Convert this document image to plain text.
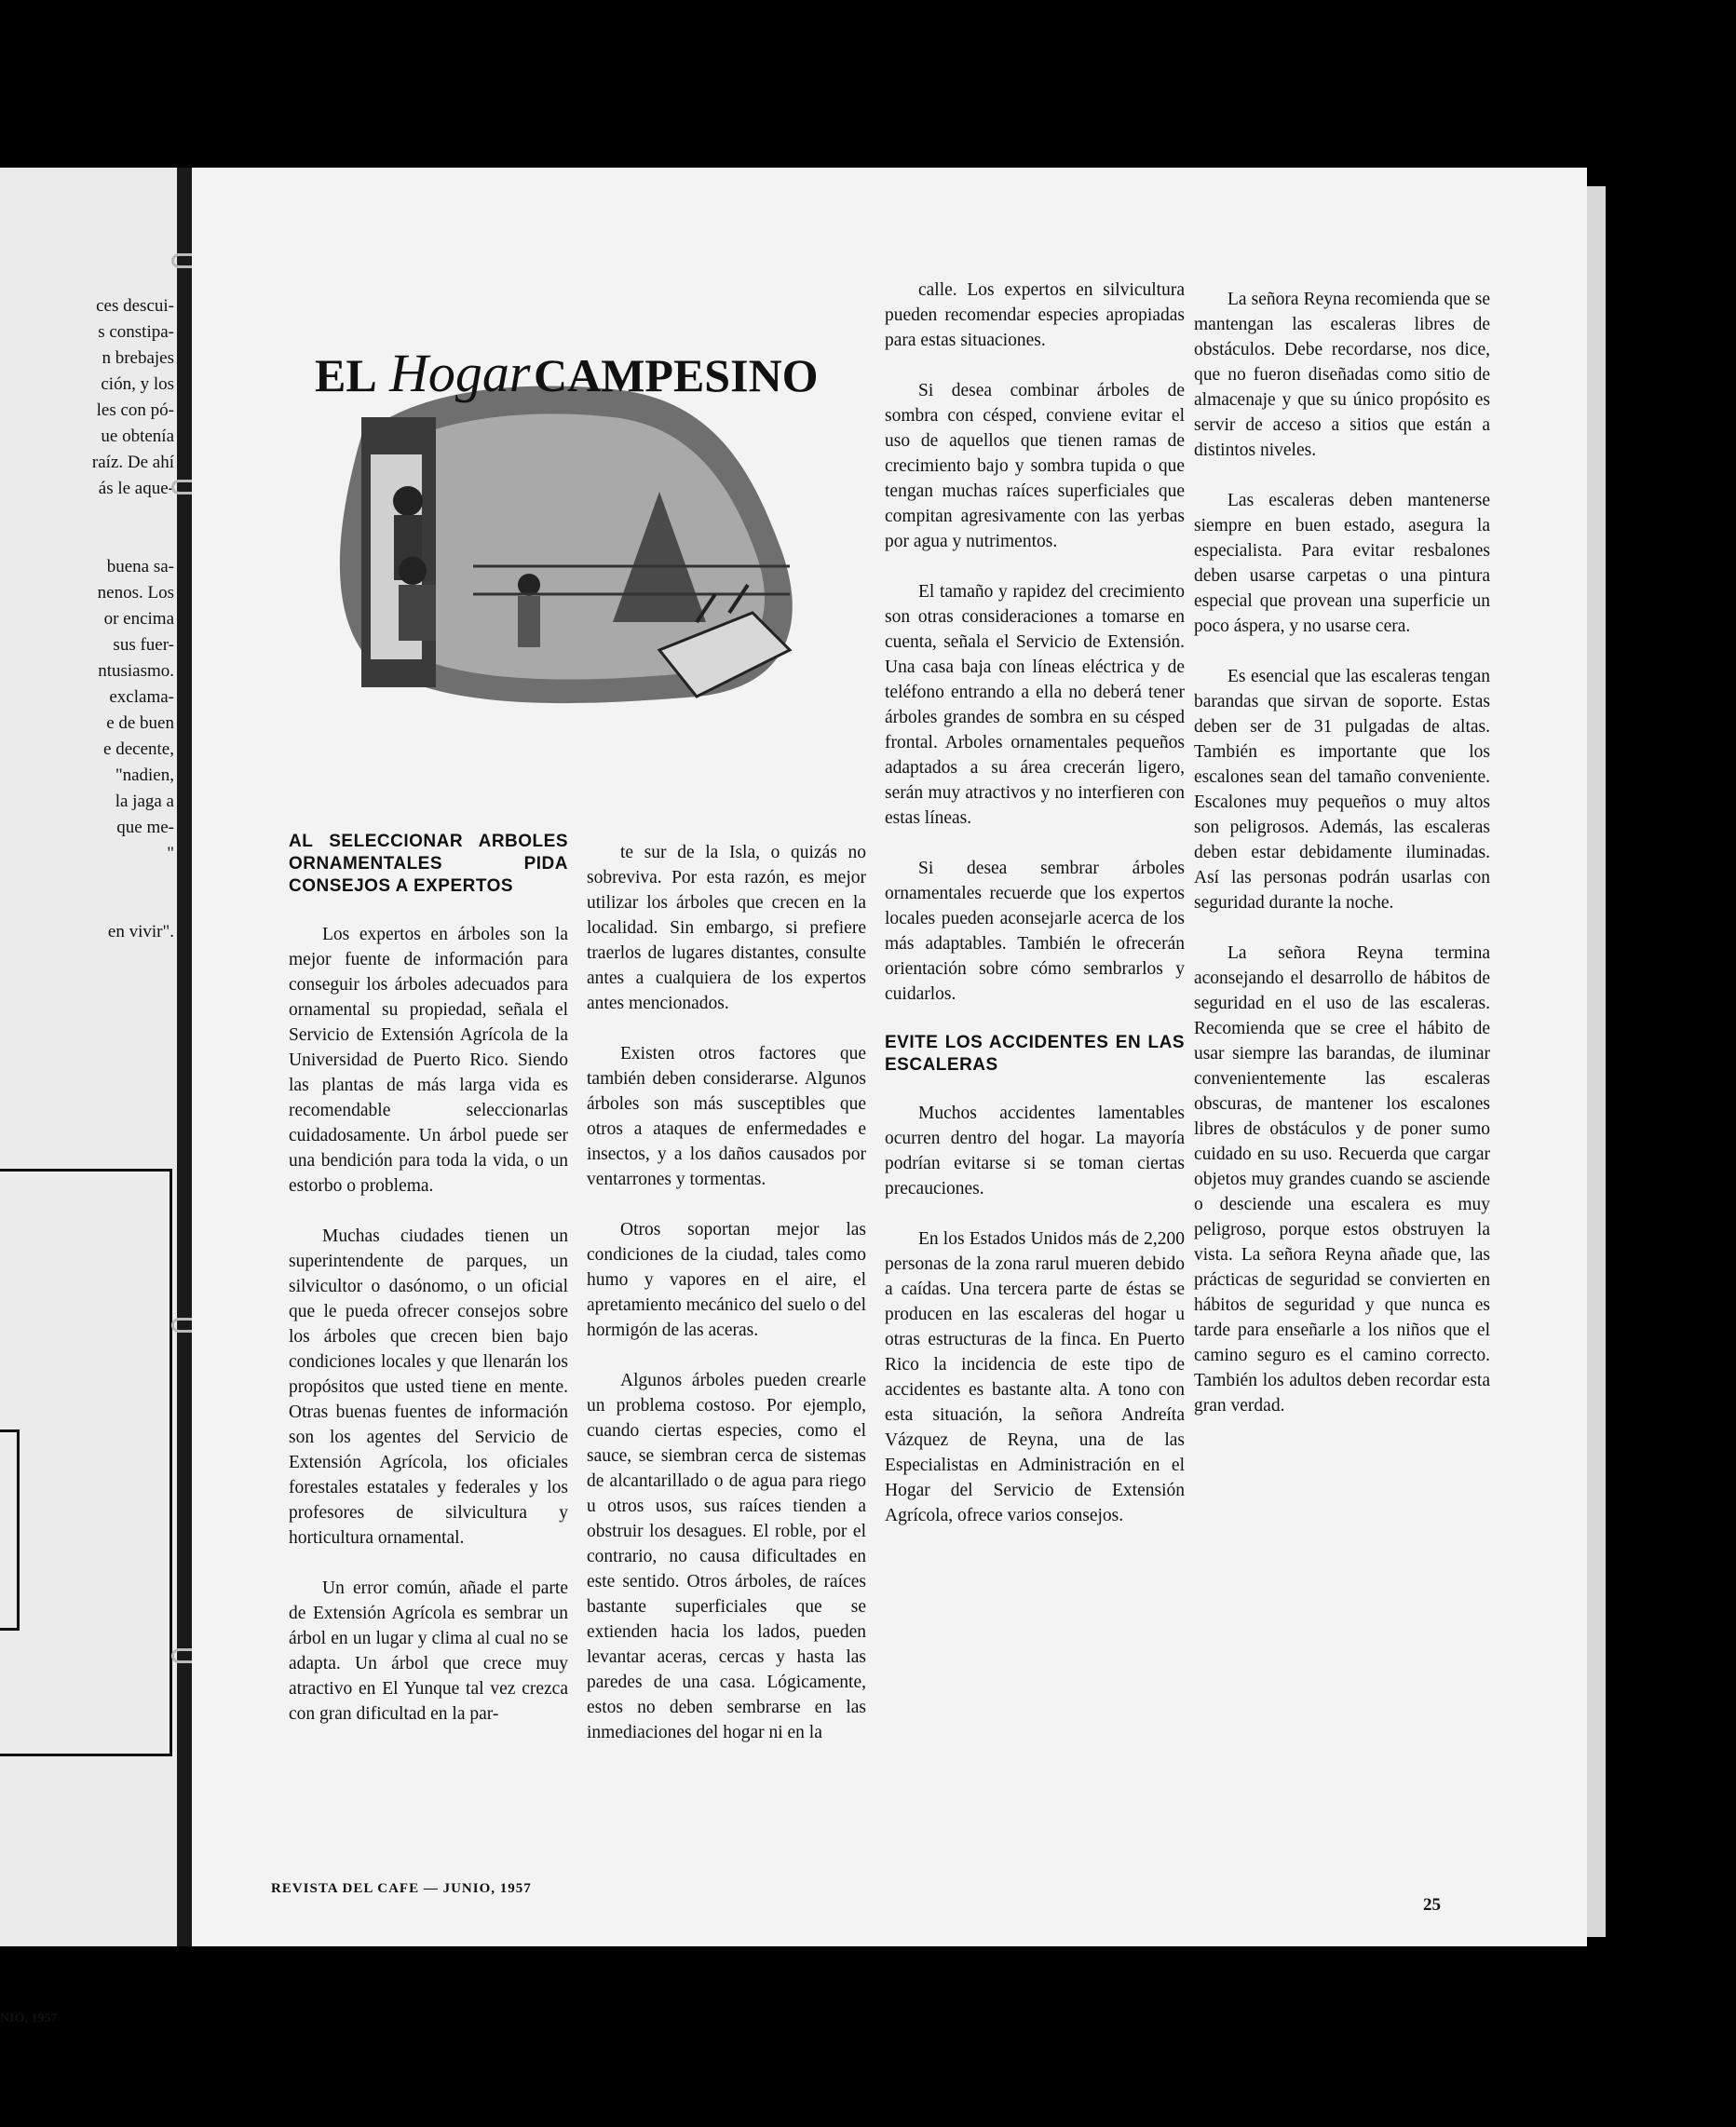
ces descui-
s constipa-
n brebajes
ción, y los
les con pó-
ue obtenía
raíz. De ahí
ás le aque-
buena sa-
nenos. Los
or encima
sus fuer-
ntusiasmo.
exclama-
e de buen
e decente,
"nadien,
la jaga a
que me-
"
en vivir".
NIO, 1957
EL Hogar CAMPESINO
AL SELECCIONAR ARBOLES ORNAMENTALES PIDA CONSEJOS A EXPERTOS

Los expertos en árboles son la mejor fuente de información para conseguir los árboles adecuados para ornamental su propiedad, señala el Servicio de Extensión Agrícola de la Universidad de Puerto Rico. Siendo las plantas de más larga vida es recomendable seleccionarlas cuidadosamente. Un árbol puede ser una bendición para toda la vida, o un estorbo o problema.

Muchas ciudades tienen un superintendente de parques, un silvicultor o dasónomo, o un oficial que le pueda ofrecer consejos sobre los árboles que crecen bien bajo condiciones locales y que llenarán los propósitos que usted tiene en mente. Otras buenas fuentes de información son los agentes del Servicio de Extensión Agrícola, los oficiales forestales estatales y federales y los profesores de silvicultura y horticultura ornamental.

Un error común, añade el parte de Extensión Agrícola es sembrar un árbol en un lugar y clima al cual no se adapta. Un árbol que crece muy atractivo en El Yunque tal vez crezca con gran dificultad en la par-

te sur de la Isla, o quizás no sobreviva. Por esta razón, es mejor utilizar los árboles que crecen en la localidad. Sin embargo, si prefiere traerlos de lugares distantes, consulte antes a cualquiera de los expertos antes mencionados.

Existen otros factores que también deben considerarse. Algunos árboles son más susceptibles que otros a ataques de enfermedades e insectos, y a los daños causados por ventarrones y tormentas.

Otros soportan mejor las condiciones de la ciudad, tales como humo y vapores en el aire, el apretamiento mecánico del suelo o del hormigón de las aceras.

Algunos árboles pueden crearle un problema costoso. Por ejemplo, cuando ciertas especies, como el sauce, se siembran cerca de sistemas de alcantarillado o de agua para riego u otros usos, sus raíces tienden a obstruir los desagues. El roble, por el contrario, no causa dificultades en este sentido. Otros árboles, de raíces bastante superficiales que se extienden hacia los lados, pueden levantar aceras, cercas y hasta las paredes de una casa. Lógicamente, estos no deben sembrarse en las inmediaciones del hogar ni en la

calle. Los expertos en silvicultura pueden recomendar especies apropiadas para estas situaciones.

Si desea combinar árboles de sombra con césped, conviene evitar el uso de aquellos que tienen ramas de crecimiento bajo y sombra tupida o que tengan muchas raíces superficiales que compitan agresivamente con las yerbas por agua y nutrimentos.

El tamaño y rapidez del crecimiento son otras consideraciones a tomarse en cuenta, señala el Servicio de Extensión. Una casa baja con líneas eléctrica y de teléfono entrando a ella no deberá tener árboles grandes de sombra en su césped frontal. Arboles ornamentales pequeños adaptados a su área crecerán ligero, serán muy atractivos y no interfieren con estas líneas.

Si desea sembrar árboles ornamentales recuerde que los expertos locales pueden aconsejarle acerca de los más adaptables. También le ofrecerán orientación sobre cómo sembrarlos y cuidarlos.

EVITE LOS ACCIDENTES EN LAS ESCALERAS

Muchos accidentes lamentables ocurren dentro del hogar. La mayoría podrían evitarse si se toman ciertas precauciones.

En los Estados Unidos más de 2,200 personas de la zona rarul mueren debido a caídas. Una tercera parte de éstas se producen en las escaleras del hogar u otras estructuras de la finca. En Puerto Rico la incidencia de este tipo de accidentes es bastante alta. A tono con esta situación, la señora Andreíta Vázquez de Reyna, una de las Especialistas en Administración en el Hogar del Servicio de Extensión Agrícola, ofrece varios consejos.

La señora Reyna recomienda que se mantengan las escaleras libres de obstáculos. Debe recordarse, nos dice, que no fueron diseñadas como sitio de almacenaje y que su único propósito es servir de acceso a sitios que están a distintos niveles.

Las escaleras deben mantenerse siempre en buen estado, asegura la especialista. Para evitar resbalones deben usarse carpetas o una pintura especial que provean una superficie un poco áspera, y no usarse cera.

Es esencial que las escaleras tengan barandas que sirvan de soporte. Estas deben ser de 31 pulgadas de altas. También es importante que los escalones sean del tamaño conveniente. Escalones muy pequeños o muy altos son peligrosos. Además, las escaleras deben estar debidamente iluminadas. Así las personas podrán usarlas con seguridad durante la noche.

La señora Reyna termina aconsejando el desarrollo de hábitos de seguridad en el uso de las escaleras. Recomienda que se cree el hábito de usar siempre las barandas, de iluminar convenientemente las escaleras obscuras, de mantener los escalones libres de obstáculos y de poner sumo cuidado en su uso. Recuerda que cargar objetos muy grandes cuando se asciende o desciende una escalera es muy peligroso, porque estos obstruyen la vista. La señora Reyna añade que, las prácticas de seguridad se convierten en hábitos de seguridad y que nunca es tarde para enseñarle a los niños que el camino seguro es el camino correcto. También los adultos deben recordar esta gran verdad.

REVISTA DEL CAFE — JUNIO, 1957
25
